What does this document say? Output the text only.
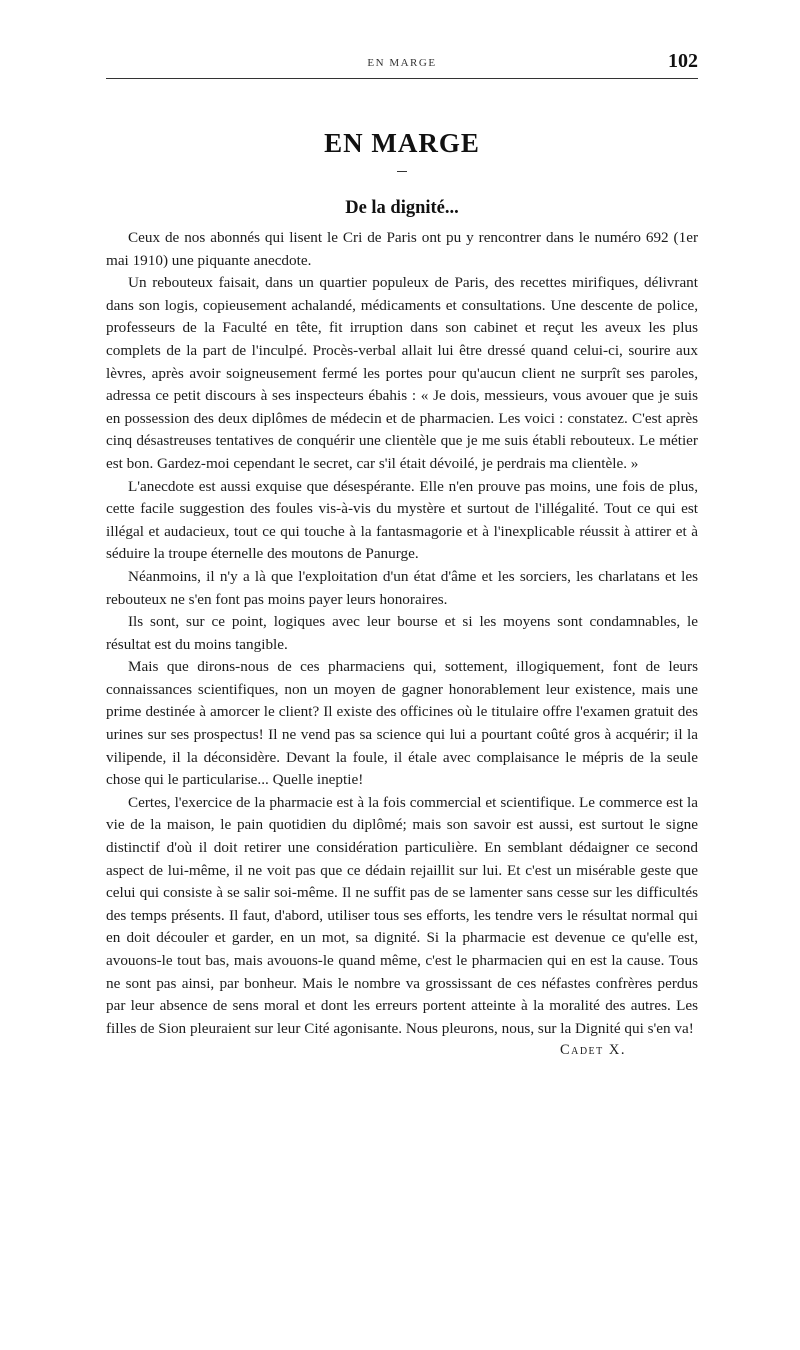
EN MARGE	102
EN MARGE
De la dignité...

Ceux de nos abonnés qui lisent le Cri de Paris ont pu y rencontrer dans le numéro 692 (1er mai 1910) une piquante anecdote.

Un rebouteux faisait, dans un quartier populeux de Paris, des recettes mirifiques, délivrant dans son logis, copieusement achalandé, médicaments et consultations. Une descente de police, professeurs de la Faculté en tête, fit irruption dans son cabinet et reçut les aveux les plus complets de la part de l'inculpé. Procès-verbal allait lui être dressé quand celui-ci, sourire aux lèvres, après avoir soigneusement fermé les portes pour qu'aucun client ne surprît ses paroles, adressa ce petit discours à ses inspecteurs ébahis : « Je dois, messieurs, vous avouer que je suis en possession des deux diplômes de médecin et de pharmacien. Les voici : constatez. C'est après cinq désastreuses tentatives de conquérir une clientèle que je me suis établi rebouteux. Le métier est bon. Gardez-moi cependant le secret, car s'il était dévoilé, je perdrais ma clientèle. »

L'anecdote est aussi exquise que désespérante. Elle n'en prouve pas moins, une fois de plus, cette facile suggestion des foules vis-à-vis du mystère et surtout de l'illégalité. Tout ce qui est illégal et audacieux, tout ce qui touche à la fantasmagorie et à l'inexplicable réussit à attirer et à séduire la troupe éternelle des moutons de Panurge.

Néanmoins, il n'y a là que l'exploitation d'un état d'âme et les sorciers, les charlatans et les rebouteux ne s'en font pas moins payer leurs honoraires.

Ils sont, sur ce point, logiques avec leur bourse et si les moyens sont condamnables, le résultat est du moins tangible.

Mais que dirons-nous de ces pharmaciens qui, sottement, illogiquement, font de leurs connaissances scientifiques, non un moyen de gagner honorablement leur existence, mais une prime destinée à amorcer le client? Il existe des officines où le titulaire offre l'examen gratuit des urines sur ses prospectus! Il ne vend pas sa science qui lui a pourtant coûté gros à acquérir; il la vilipende, il la déconsidère. Devant la foule, il étale avec complaisance le mépris de la seule chose qui le particularise... Quelle ineptie!

Certes, l'exercice de la pharmacie est à la fois commercial et scientifique. Le commerce est la vie de la maison, le pain quotidien du diplômé; mais son savoir est aussi, est surtout le signe distinctif d'où il doit retirer une considération particulière. En semblant dédaigner ce second aspect de lui-même, il ne voit pas que ce dédain rejaillit sur lui. Et c'est un misérable geste que celui qui consiste à se salir soi-même. Il ne suffit pas de se lamenter sans cesse sur les difficultés des temps présents. Il faut, d'abord, utiliser tous ses efforts, les tendre vers le résultat normal qui en doit découler et garder, en un mot, sa dignité. Si la pharmacie est devenue ce qu'elle est, avouons-le tout bas, mais avouons-le quand même, c'est le pharmacien qui en est la cause. Tous ne sont pas ainsi, par bonheur. Mais le nombre va grossissant de ces néfastes confrères perdus par leur absence de sens moral et dont les erreurs portent atteinte à la moralité des autres. Les filles de Sion pleuraient sur leur Cité agonisante. Nous pleurons, nous, sur la Dignité qui s'en va!

Cadet X.
